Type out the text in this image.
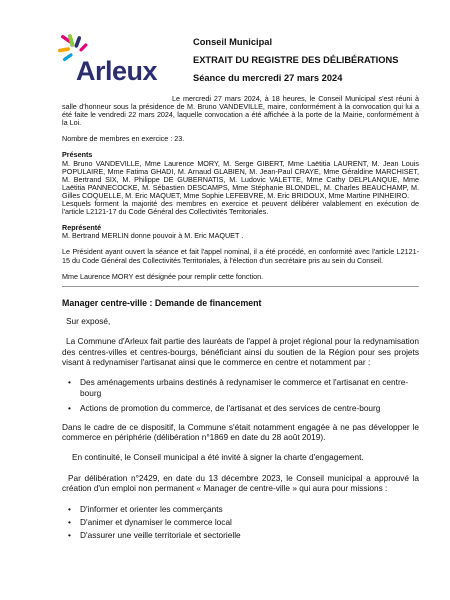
Arleux
Conseil Municipal
EXTRAIT DU REGISTRE DES DÉLIBÉRATIONS
Séance du mercredi 27 mars 2024

Le mercredi 27 mars 2024, à 18 heures, le Conseil Municipal s'est réuni à salle d'honneur sous la présidence de M. Bruno VANDEVILLE, maire, conformément à la convocation qui lui a été faite le vendredi 22 mars 2024, laquelle convocation a été affichée à la porte de la Mairie, conformément à la Loi.

Nombre de membres en exercice : 23.

Présents

M. Bruno VANDEVILLE, Mme Laurence MORY, M. Serge GIBERT, Mme Laëtitia LAURENT, M. Jean Louis POPULAIRE, Mme Fatima GHADI, M. Arnaud GLABIEN, M. Jean-Paul CRAYE, Mme Géraldine MARCHISET, M. Bertrand SIX, M. Philippe DE GUBERNATIS, M. Ludovic VALETTE, Mme Cathy DELPLANQUE, Mme Laëtitia PANNECOCKE, M. Sébastien DESCAMPS, Mme Stéphanie BLONDEL, M. Charles BEAUCHAMP, M. Gilles COQUELLE, M. Eric MAQUET, Mme Sophie LEFEBVRE, M. Eric BRIDOUX, Mme Martine PINHEIRO.

Lesquels forment la majorité des membres en exercice et peuvent délibérer valablement en exécution de l'article L2121-17 du Code Général des Collectivités Territoriales.

Représenté

M. Bertrand MERLIN donne pouvoir à M. Eric MAQUET .

Le Président ayant ouvert la séance et fait l'appel nominal, il a été procédé, en conformité avec l'article L2121-15 du Code Général des Collectivités Territoriales, à l'élection d'un secrétaire pris au sein du Conseil.

Mme Laurence MORY est désignée pour remplir cette fonction.

Manager centre-ville : Demande de financement

Sur exposé,

La Commune d'Arleux fait partie des lauréats de l'appel à projet régional pour la redynamisation des centres-villes et centres-bourgs, bénéficiant ainsi du soutien de la Région pour ses projets visant à redynamiser l'artisanat ainsi que le commerce en centre et notamment par :

• Des aménagements urbains destinés à redynamiser le commerce et l'artisanat en centre-bourg
• Actions de promotion du commerce, de l'artisanat et des services de centre-bourg

Dans le cadre de ce dispositif, la Commune s'était notamment engagée à ne pas développer le commerce en périphérie (délibération n°1869 en date du 28 août 2019).

En continuité, le Conseil municipal a été invité à signer la charte d'engagement.

Par délibération n°2429, en date du 13 décembre 2023, le Conseil municipal a approuvé la création d'un emploi non permanent « Manager de centre-ville » qui aura pour missions :

• D'informer et orienter les commerçants
• D'animer et dynamiser le commerce local
• D'assurer une veille territoriale et sectorielle
